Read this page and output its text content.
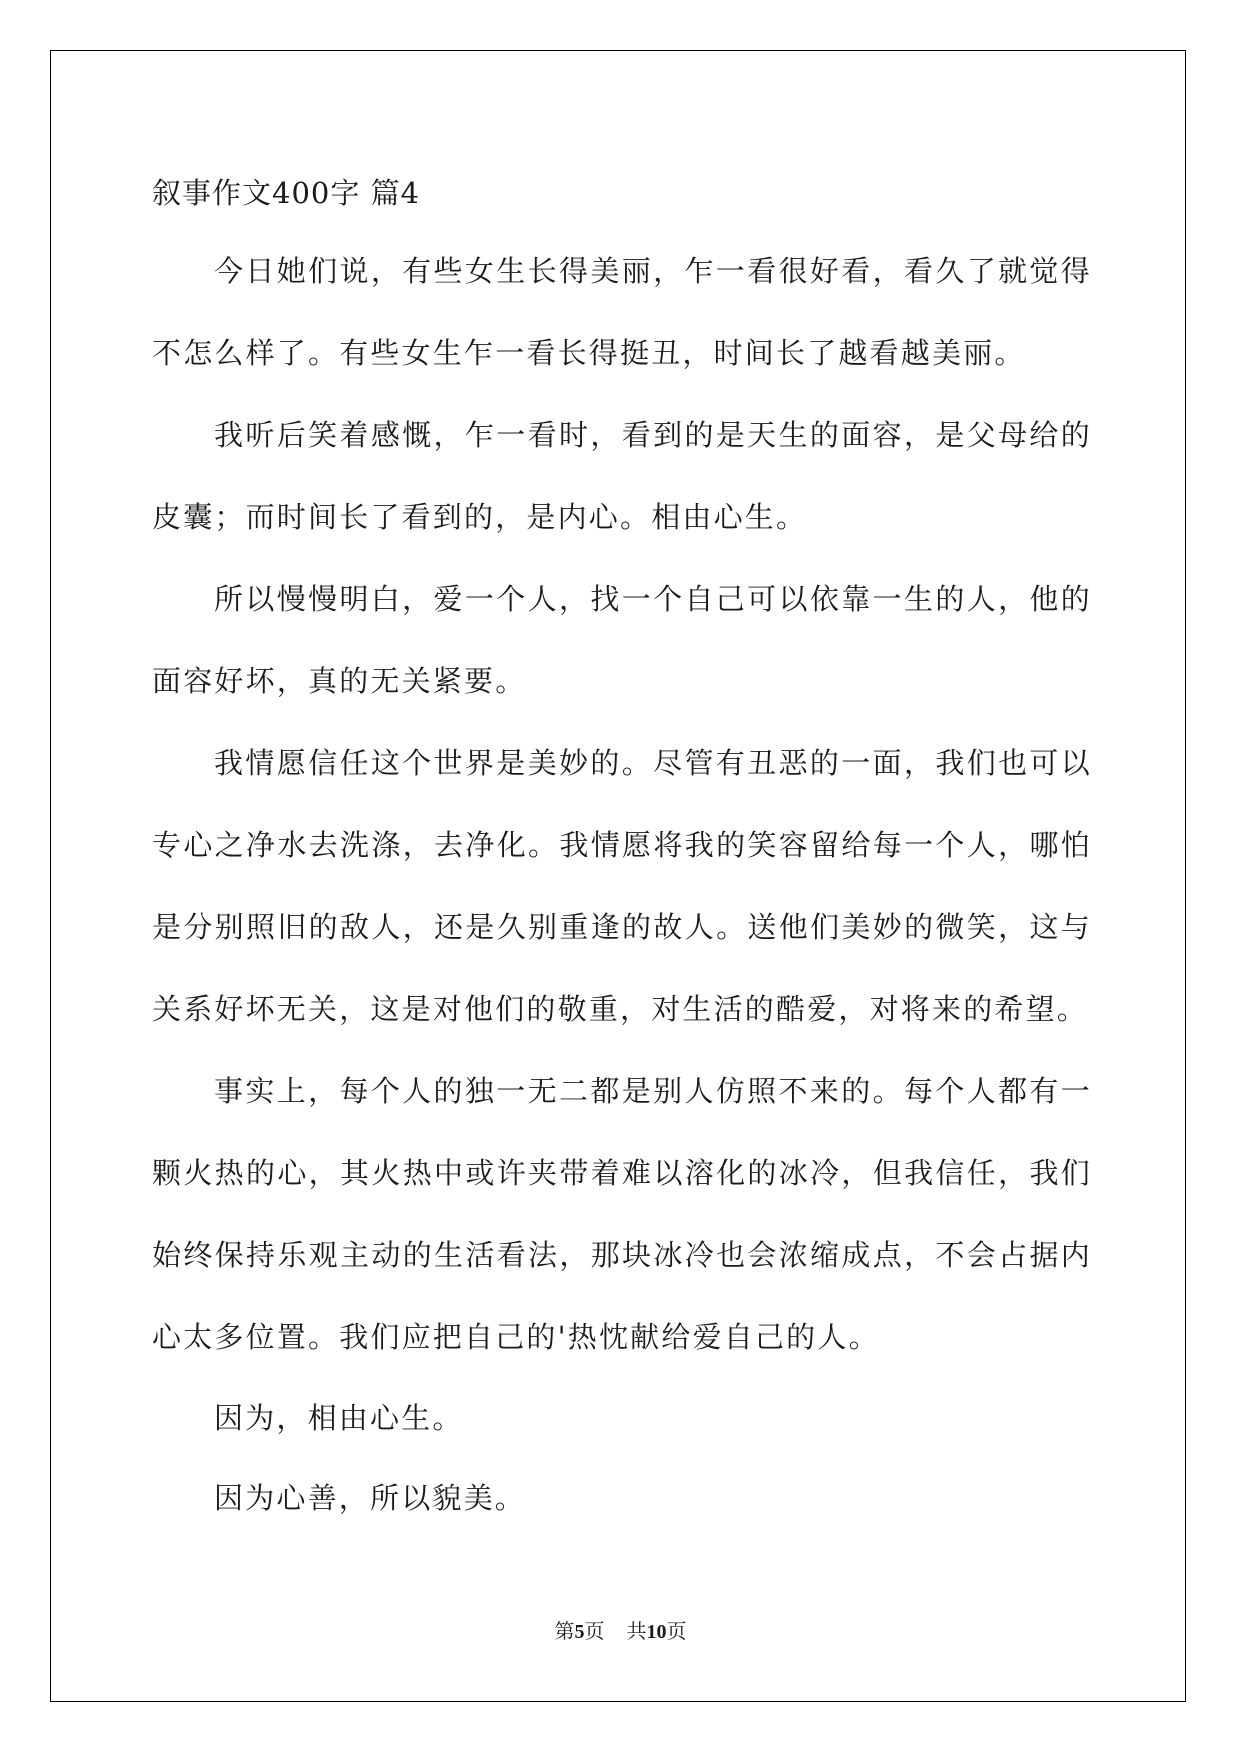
叙事作文400字 篇4

今日她们说，有些女生长得美丽，乍一看很好看，看久了就觉得不怎么样了。有些女生乍一看长得挺丑，时间长了越看越美丽。

我听后笑着感慨，乍一看时，看到的是天生的面容，是父母给的皮囊；而时间长了看到的，是内心。相由心生。

所以慢慢明白，爱一个人，找一个自己可以依靠一生的人，他的面容好坏，真的无关紧要。

我情愿信任这个世界是美妙的。尽管有丑恶的一面，我们也可以专心之净水去洗涤，去净化。我情愿将我的笑容留给每一个人，哪怕是分别照旧的敌人，还是久别重逢的故人。送他们美妙的微笑，这与关系好坏无关，这是对他们的敬重，对生活的酷爱，对将来的希望。

事实上，每个人的独一无二都是别人仿照不来的。每个人都有一颗火热的心，其火热中或许夹带着难以溶化的冰冷，但我信任，我们始终保持乐观主动的生活看法，那块冰冷也会浓缩成点，不会占据内心太多位置。我们应把自己的'热忱献给爱自己的人。

因为，相由心生。

因为心善，所以貌美。

第5页 共10页
